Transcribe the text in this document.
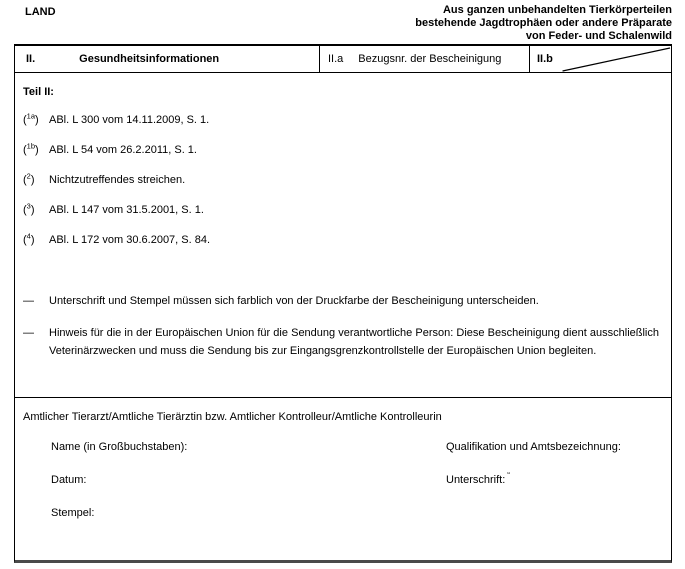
LAND	Aus ganzen unbehandelten Tierkörperteilen
bestehende Jagdtrophäen oder andere Präparate
von Feder- und Schalenwild
II.	Gesundheitsinformationen	II.a Bezugsnr. der Bescheinigung	II.b
Teil II:
($^{1a}$) ABl. L 300 vom 14.11.2009, S. 1.
($^{1b}$) ABl. L 54 vom 26.2.2011, S. 1.
($^2$)	Nichtzutreffendes streichen.
($^3$)	ABl. L 147 vom 31.5.2001, S. 1.
($^4$)	ABl. L 172 vom 30.6.2007, S. 84.
—	Unterschrift und Stempel müssen sich farblich von der Druckfarbe der Bescheinigung unterscheiden.
—	Hinweis für die in der Europäischen Union für die Sendung verantwortliche Person: Diese Bescheinigung dient ausschließlich Veterinärzwecken und muss die Sendung bis zur Eingangsgrenzkontrollstelle der Europäischen Union begleiten.
Amtlicher Tierarzt/Amtliche Tierärztin bzw. Amtlicher Kontrolleur/Amtliche Kontrolleurin
Name (in Großbuchstaben):	Qualifikation und Amtsbezeichnung:
Datum:	Unterschrift: “
Stempel:
